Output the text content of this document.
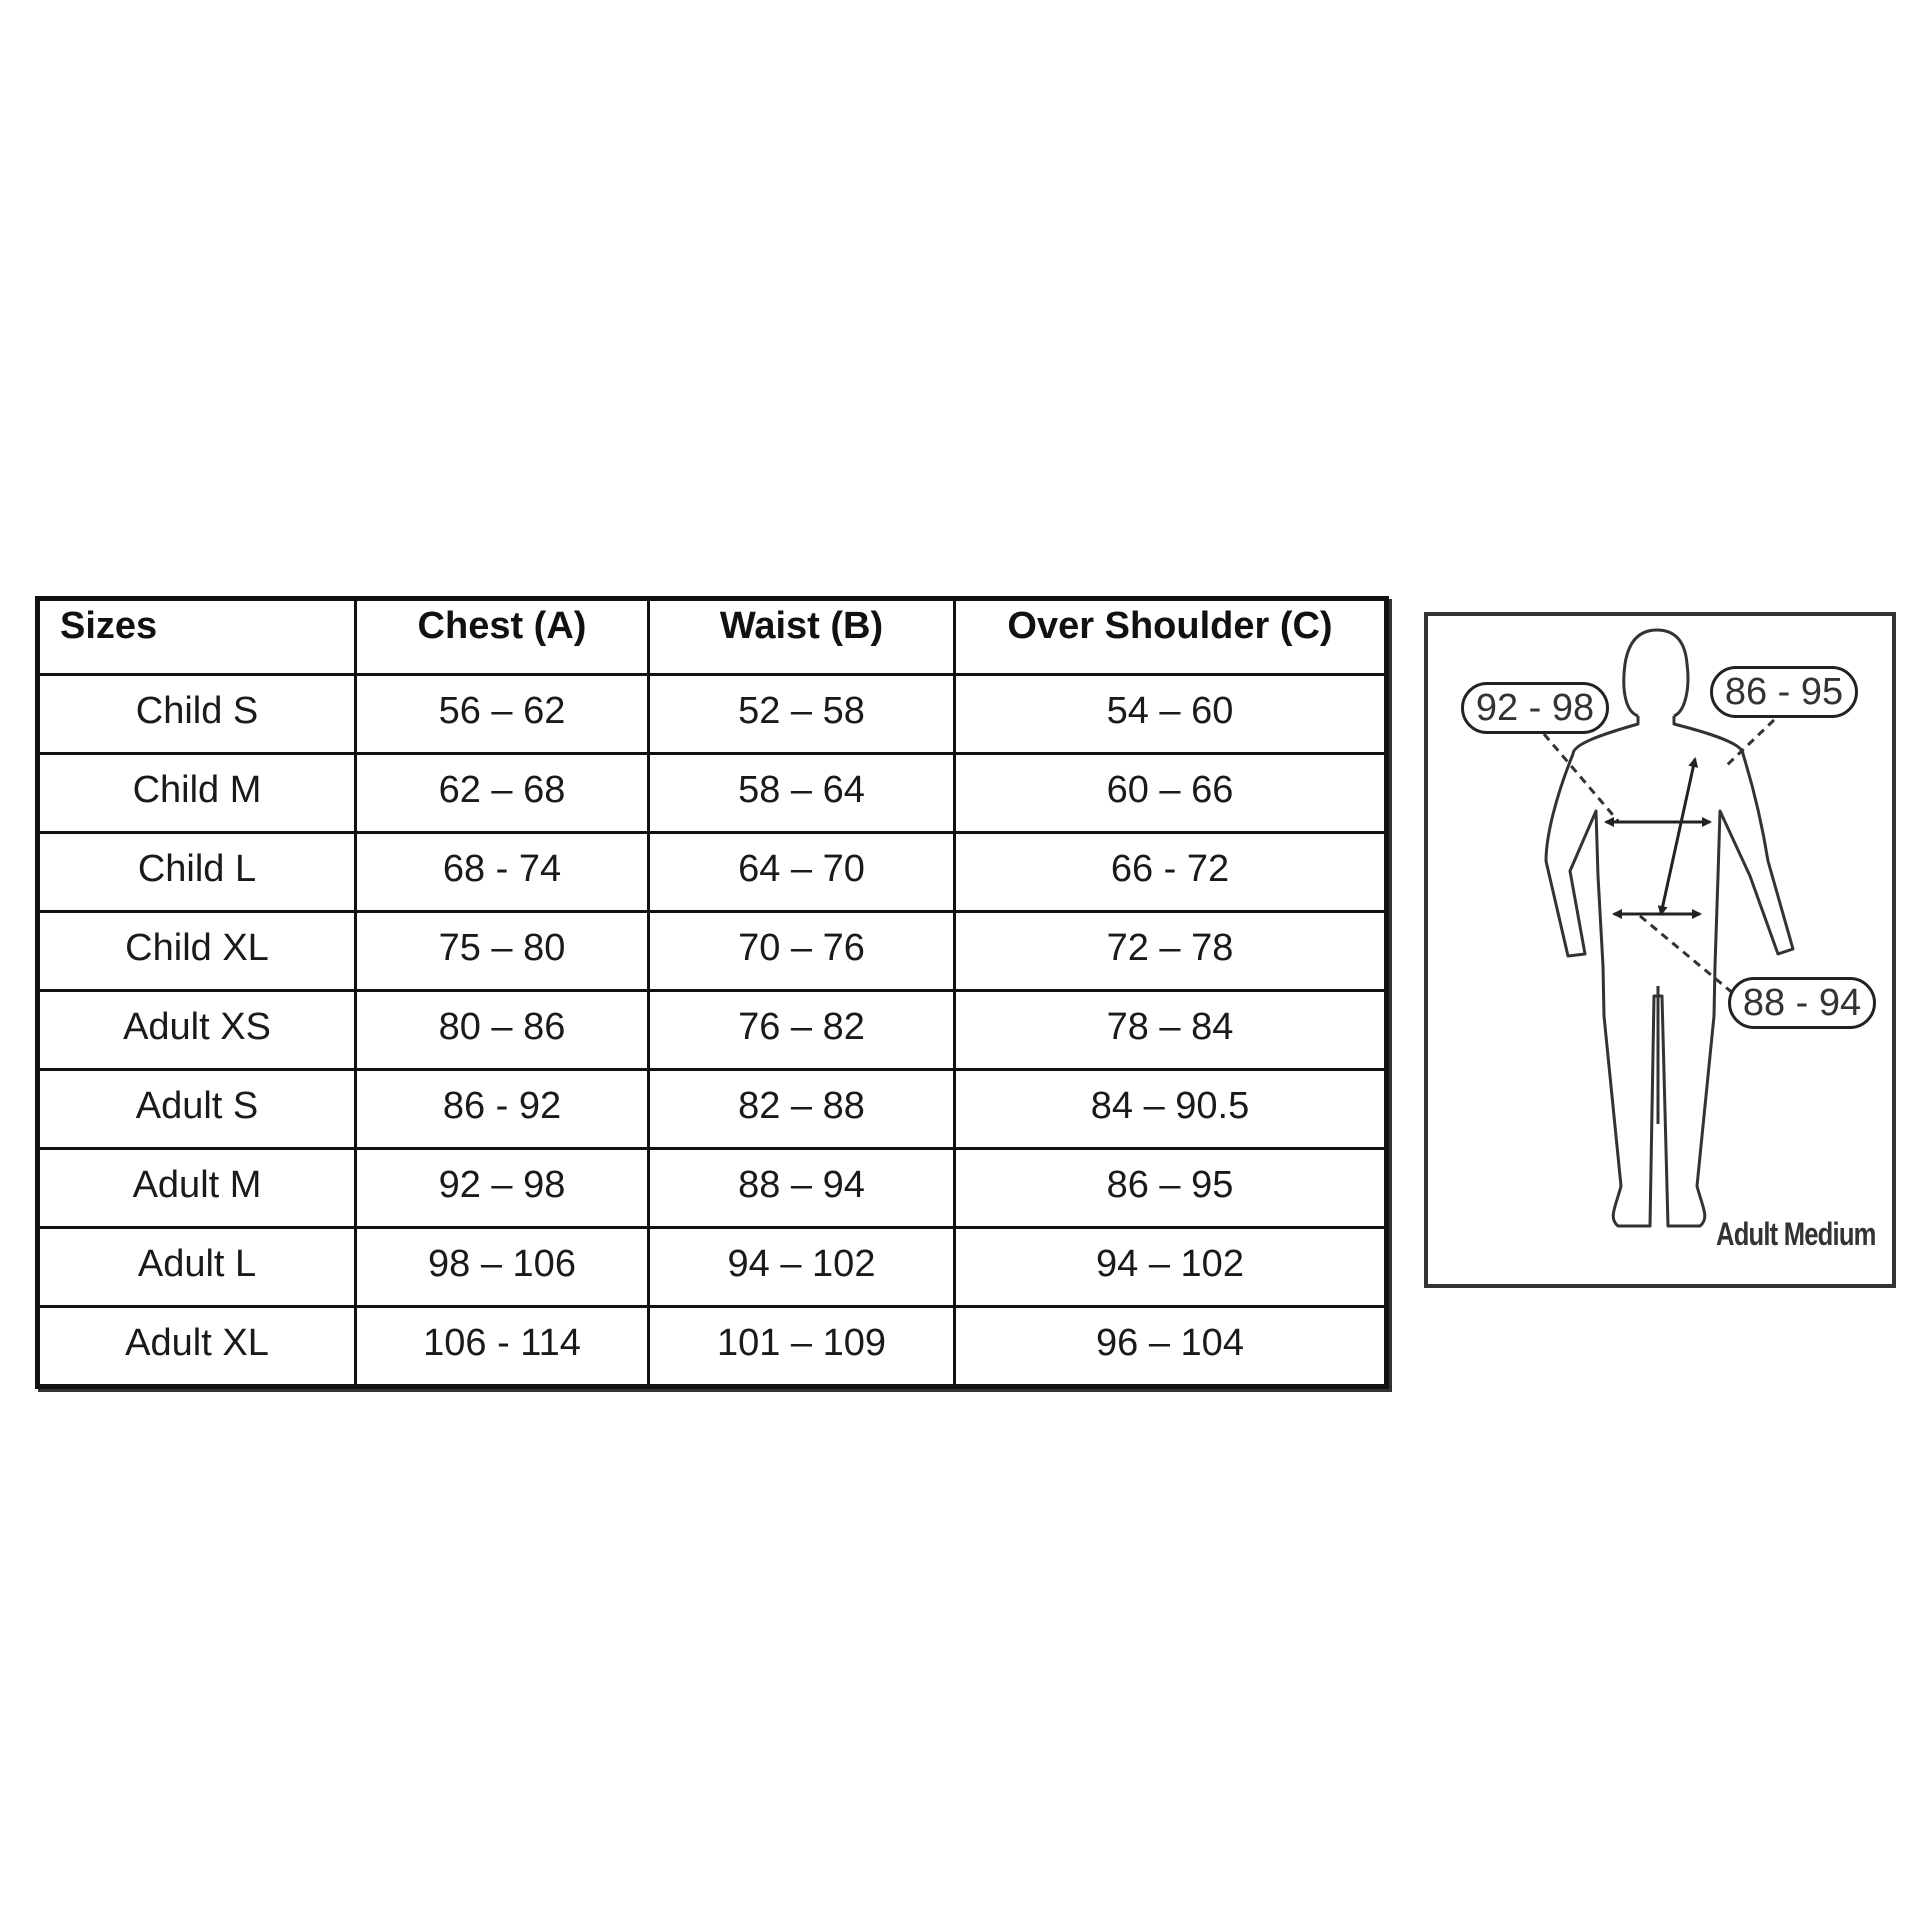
Sizes	Chest (A)	Waist (B)	Over Shoulder (C)
Child S	56 – 62	52 – 58	54 – 60
Child M	62 – 68	58 – 64	60 – 66
Child L	68 - 74	64 – 70	66 - 72
Child XL	75 – 80	70 – 76	72 – 78
Adult XS	80 – 86	76 – 82	78 – 84
Adult S	86 - 92	82 – 88	84 – 90.5
Adult M	92 – 98	88 – 94	86 – 95
Adult L	98 – 106	94 – 102	94 – 102
Adult XL	106 - 114	101 – 109	96 – 104
92 - 98	86 - 95
88 - 94
Adult Medium
